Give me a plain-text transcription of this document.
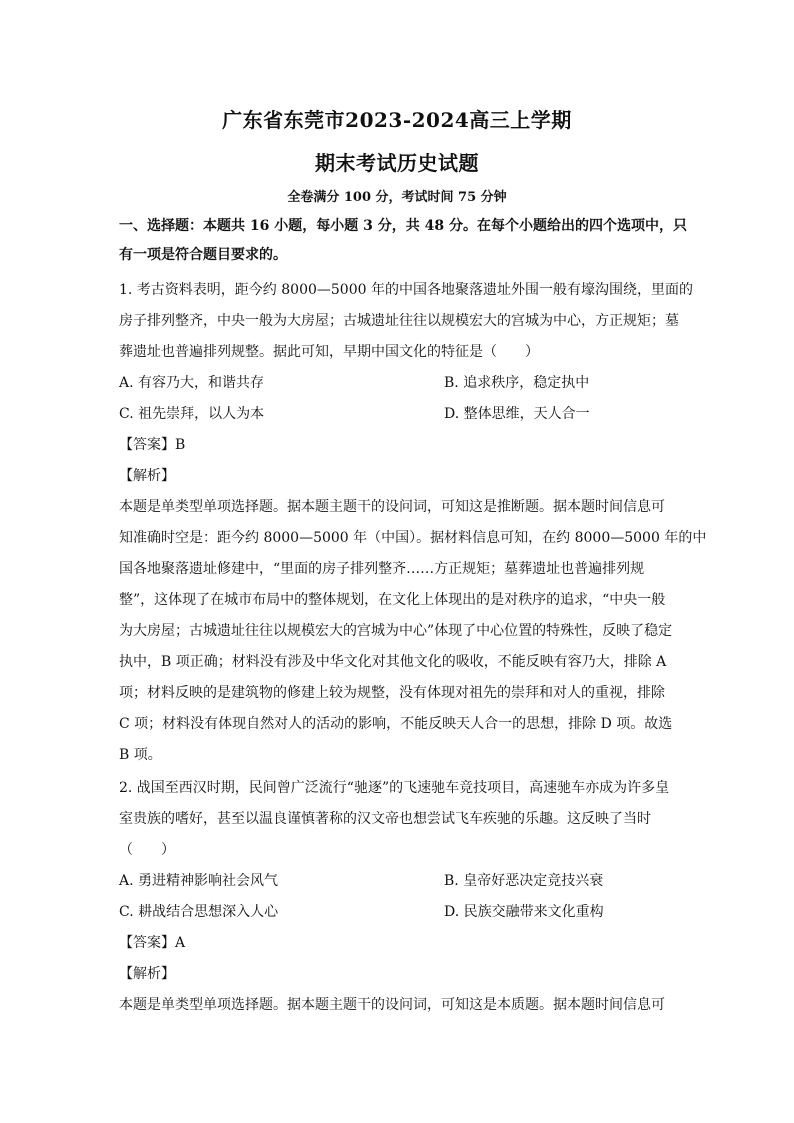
广东省东莞市2023-2024高三上学期
期末考试历史试题
全卷满分 100 分，考试时间 75 分钟
一、选择题：本题共 16 小题，每小题 3 分，共 48 分。在每个小题给出的四个选项中，只
有一项是符合题目要求的。
1. 考古资料表明，距今约 8000—5000 年的中国各地聚落遗址外围一般有壕沟围绕，里面的
房子排列整齐，中央一般为大房屋；古城遗址往往以规模宏大的宫城为中心，方正规矩；墓
葬遗址也普遍排列规整。据此可知，早期中国文化的特征是（　　）
A. 有容乃大，和谐共存	B. 追求秩序，稳定执中
C. 祖先崇拜，以人为本	D. 整体思维，天人合一
【答案】B
【解析】
本题是单类型单项选择题。据本题主题干的设问词，可知这是推断题。据本题时间信息可
知准确时空是：距今约 8000—5000 年（中国）。据材料信息可知，在约 8000—5000 年的中
国各地聚落遗址修建中，“里面的房子排列整齐……方正规矩；墓葬遗址也普遍排列规
整”，这体现了在城市布局中的整体规划，在文化上体现出的是对秩序的追求，“中央一般
为大房屋；古城遗址往往以规模宏大的宫城为中心”体现了中心位置的特殊性，反映了稳定
执中，B 项正确；材料没有涉及中华文化对其他文化的吸收，不能反映有容乃大，排除 A
项；材料反映的是建筑物的修建上较为规整，没有体现对祖先的崇拜和对人的重视，排除
C 项；材料没有体现自然对人的活动的影响，不能反映天人合一的思想，排除 D 项。故选
B 项。
2. 战国至西汉时期，民间曾广泛流行“驰逐”的飞速驰车竞技项目，高速驰车亦成为许多皇
室贵族的嗜好，甚至以温良谨慎著称的汉文帝也想尝试飞车疾驰的乐趣。这反映了当时
（　　）
A. 勇进精神影响社会风气	B. 皇帝好恶决定竞技兴衰
C. 耕战结合思想深入人心	D. 民族交融带来文化重构
【答案】A
【解析】
本题是单类型单项选择题。据本题主题干的设问词，可知这是本质题。据本题时间信息可
